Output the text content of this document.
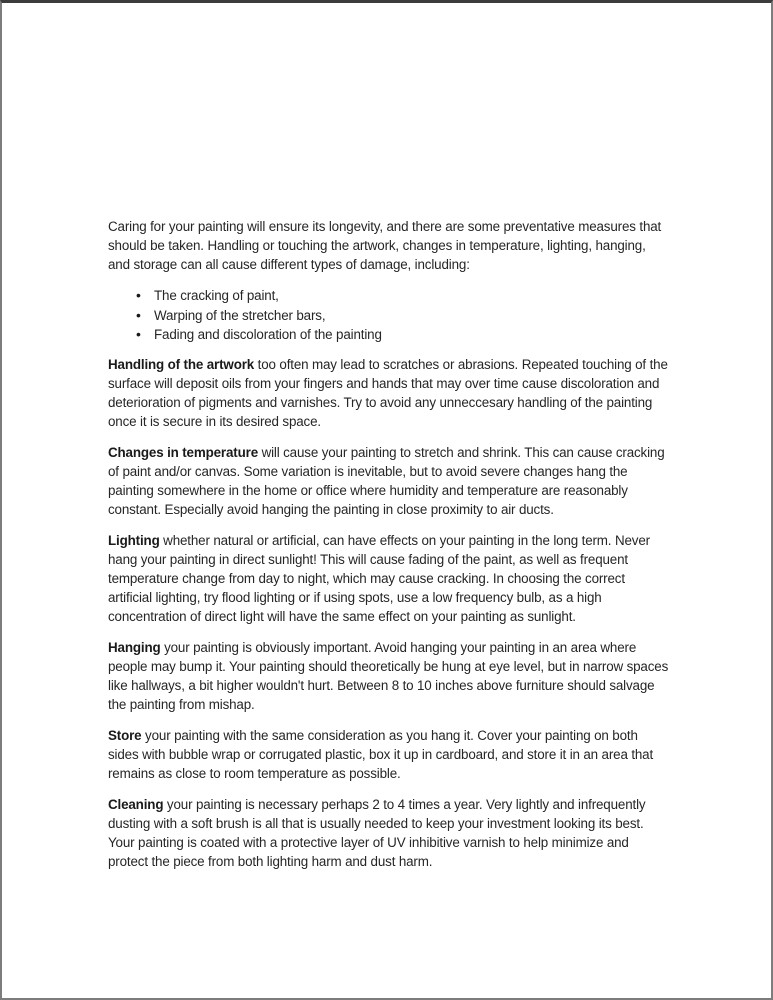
Caring for your painting will ensure its longevity, and there are some preventative measures that should be taken. Handling or touching the artwork, changes in temperature, lighting, hanging, and storage can all cause different types of damage, including:

• The cracking of paint,
• Warping of the stretcher bars,
• Fading and discoloration of the painting

Handling of the artwork too often may lead to scratches or abrasions. Repeated touching of the surface will deposit oils from your fingers and hands that may over time cause discoloration and deterioration of pigments and varnishes. Try to avoid any unneccesary handling of the painting once it is secure in its desired space.

Changes in temperature will cause your painting to stretch and shrink. This can cause cracking of paint and/or canvas. Some variation is inevitable, but to avoid severe changes hang the painting somewhere in the home or office where humidity and temperature are reasonably constant. Especially avoid hanging the painting in close proximity to air ducts.

Lighting whether natural or artificial, can have effects on your painting in the long term. Never hang your painting in direct sunlight! This will cause fading of the paint, as well as frequent temperature change from day to night, which may cause cracking. In choosing the correct artificial lighting, try flood lighting or if using spots, use a low frequency bulb, as a high concentration of direct light will have the same effect on your painting as sunlight.

Hanging your painting is obviously important. Avoid hanging your painting in an area where people may bump it. Your painting should theoretically be hung at eye level, but in narrow spaces like hallways, a bit higher wouldn't hurt. Between 8 to 10 inches above furniture should salvage the painting from mishap.

Store your painting with the same consideration as you hang it. Cover your painting on both sides with bubble wrap or corrugated plastic, box it up in cardboard, and store it in an area that remains as close to room temperature as possible.

Cleaning your painting is necessary perhaps 2 to 4 times a year. Very lightly and infrequently dusting with a soft brush is all that is usually needed to keep your investment looking its best. Your painting is coated with a protective layer of UV inhibitive varnish to help minimize and protect the piece from both lighting harm and dust harm.
